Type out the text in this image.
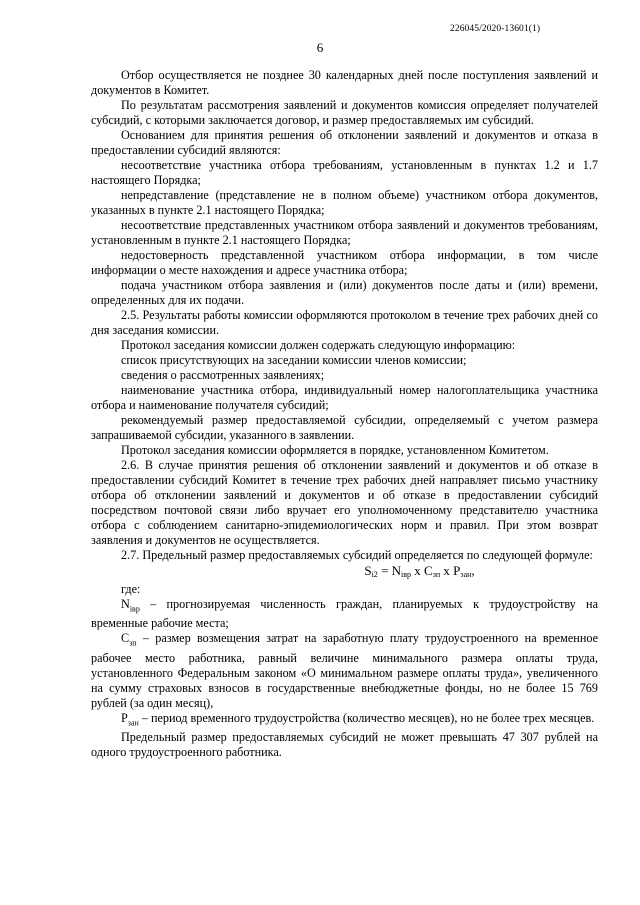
226045/2020-13601(1)
6

Отбор осуществляется не позднее 30 календарных дней после поступления заявлений и документов в Комитет.

По результатам рассмотрения заявлений и документов комиссия определяет получателей субсидий, с которыми заключается договор, и размер предоставляемых им субсидий.

Основанием для принятия решения об отклонении заявлений и документов и отказа в предоставлении субсидий являются:

несоответствие участника отбора требованиям, установленным в пунктах 1.2 и 1.7 настоящего Порядка;

непредставление (представление не в полном объеме) участником отбора документов, указанных в пункте 2.1 настоящего Порядка;

несоответствие представленных участником отбора заявлений и документов требованиям, установленным в пункте 2.1 настоящего Порядка;

недостоверность представленной участником отбора информации, в том числе информации о месте нахождения и адресе участника отбора;

подача участником отбора заявления и (или) документов после даты и (или) времени, определенных для их подачи.

2.5. Результаты работы комиссии оформляются протоколом в течение трех рабочих дней со дня заседания комиссии.

Протокол заседания комиссии должен содержать следующую информацию:

список присутствующих на заседании комиссии членов комиссии;

сведения о рассмотренных заявлениях;

наименование участника отбора, индивидуальный номер налогоплательщика участника отбора и наименование получателя субсидий;

рекомендуемый размер предоставляемой субсидии, определяемый с учетом размера запрашиваемой субсидии, указанного в заявлении.

Протокол заседания комиссии оформляется в порядке, установленном Комитетом.

2.6. В случае принятия решения об отклонении заявлений и документов и об отказе в предоставлении субсидий Комитет в течение трех рабочих дней направляет письмо участнику отбора об отклонении заявлений и документов и об отказе в предоставлении субсидий посредством почтовой связи либо вручает его уполномоченному представителю участника отбора с соблюдением санитарно-эпидемиологических норм и правил. При этом возврат заявления и документов не осуществляется.

2.7. Предельный размер предоставляемых субсидий определяется по следующей формуле:

$S_{i2} = N_{iвр}$ x $C_{зп}$ x $P_{зан}$,

где:

$N_{iвр}$ – прогнозируемая численность граждан, планируемых к трудоустройству на временные рабочие места;

$С_{зп}$ – размер возмещения затрат на заработную плату трудоустроенного на временное рабочее место работника, равный величине минимального размера оплаты труда, установленного Федеральным законом «О минимальном размере оплаты труда», увеличенного на сумму страховых взносов в государственные внебюджетные фонды, но не более 15 769 рублей (за один месяц),

$Р_{зан}$ – период временного трудоустройства (количество месяцев), но не более трех месяцев.

Предельный размер предоставляемых субсидий не может превышать 47 307 рублей на одного трудоустроенного работника.
